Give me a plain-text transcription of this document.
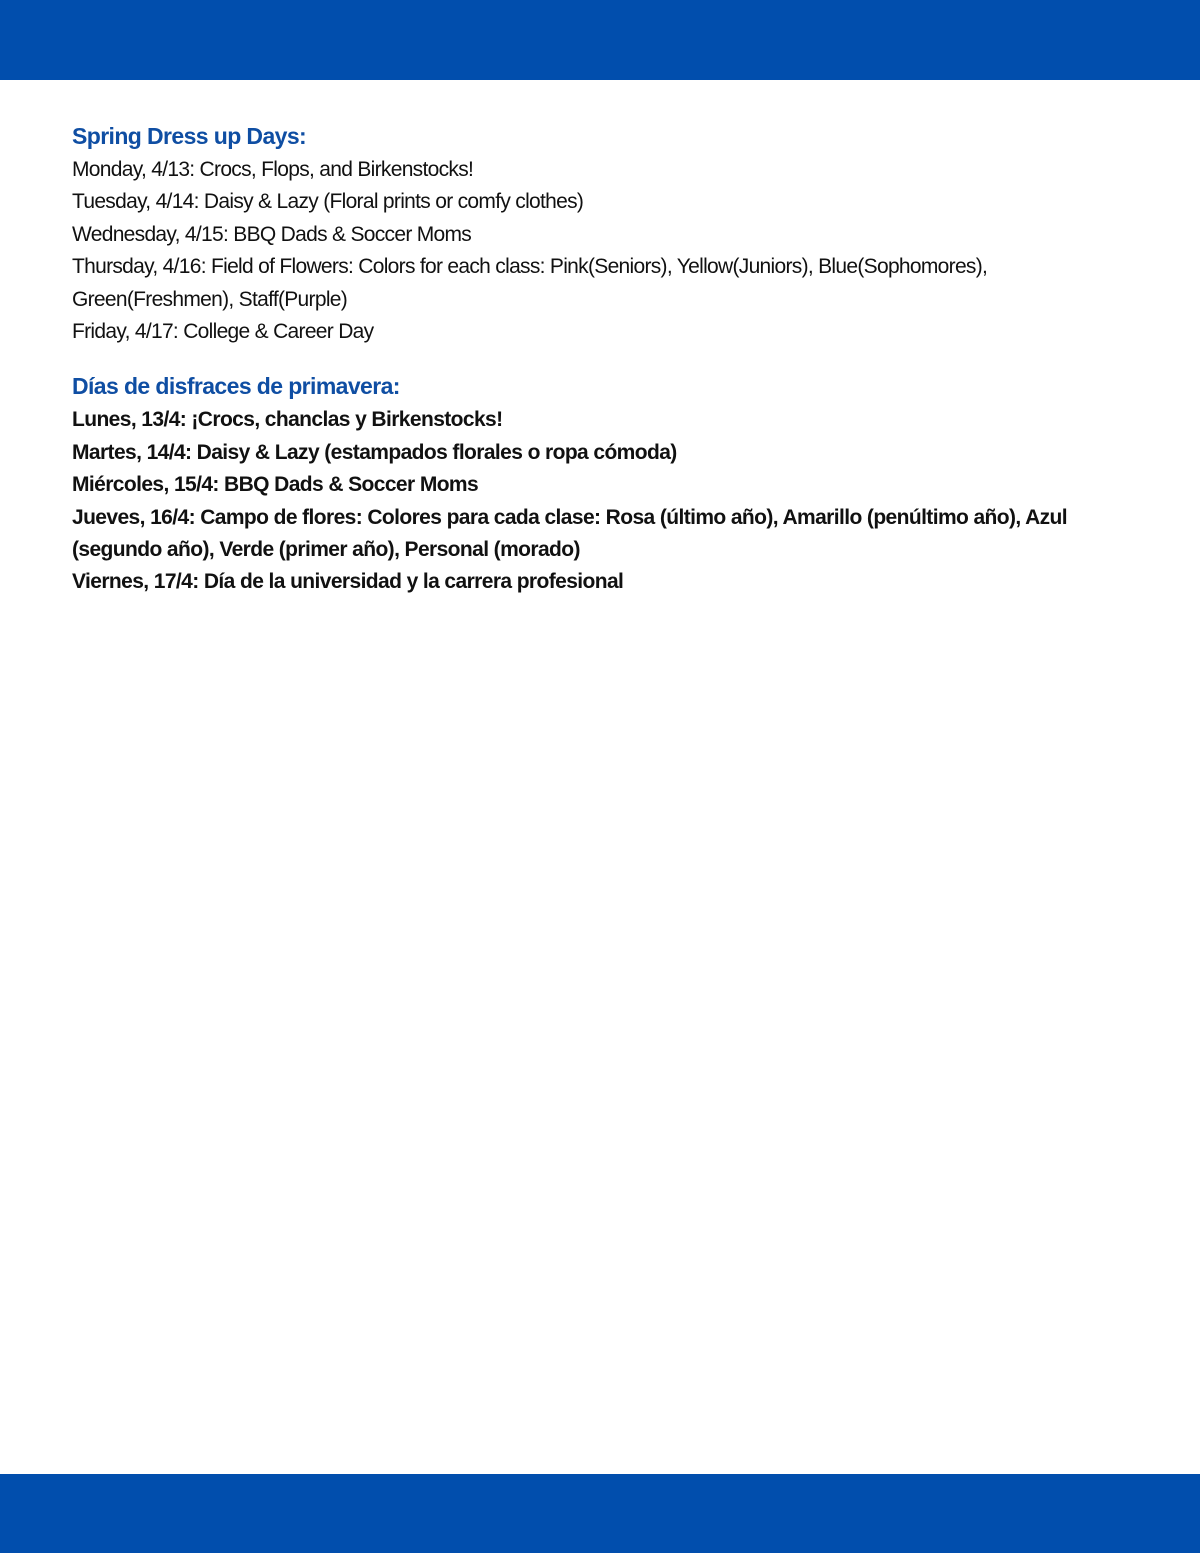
Spring Dress up Days:
Monday, 4/13: Crocs, Flops, and Birkenstocks!
Tuesday, 4/14: Daisy & Lazy (Floral prints or comfy clothes)
Wednesday, 4/15: BBQ Dads & Soccer Moms
Thursday, 4/16: Field of Flowers: Colors for each class: Pink(Seniors), Yellow(Juniors), Blue(Sophomores), Green(Freshmen), Staff(Purple)
Friday, 4/17: College & Career Day
Días de disfraces de primavera:
Lunes, 13/4: ¡Crocs, chanclas y Birkenstocks!
Martes, 14/4: Daisy & Lazy (estampados florales o ropa cómoda)
Miércoles, 15/4: BBQ Dads & Soccer Moms
Jueves, 16/4: Campo de flores: Colores para cada clase: Rosa (último año), Amarillo (penúltimo año), Azul (segundo año), Verde (primer año), Personal (morado)
Viernes, 17/4: Día de la universidad y la carrera profesional
